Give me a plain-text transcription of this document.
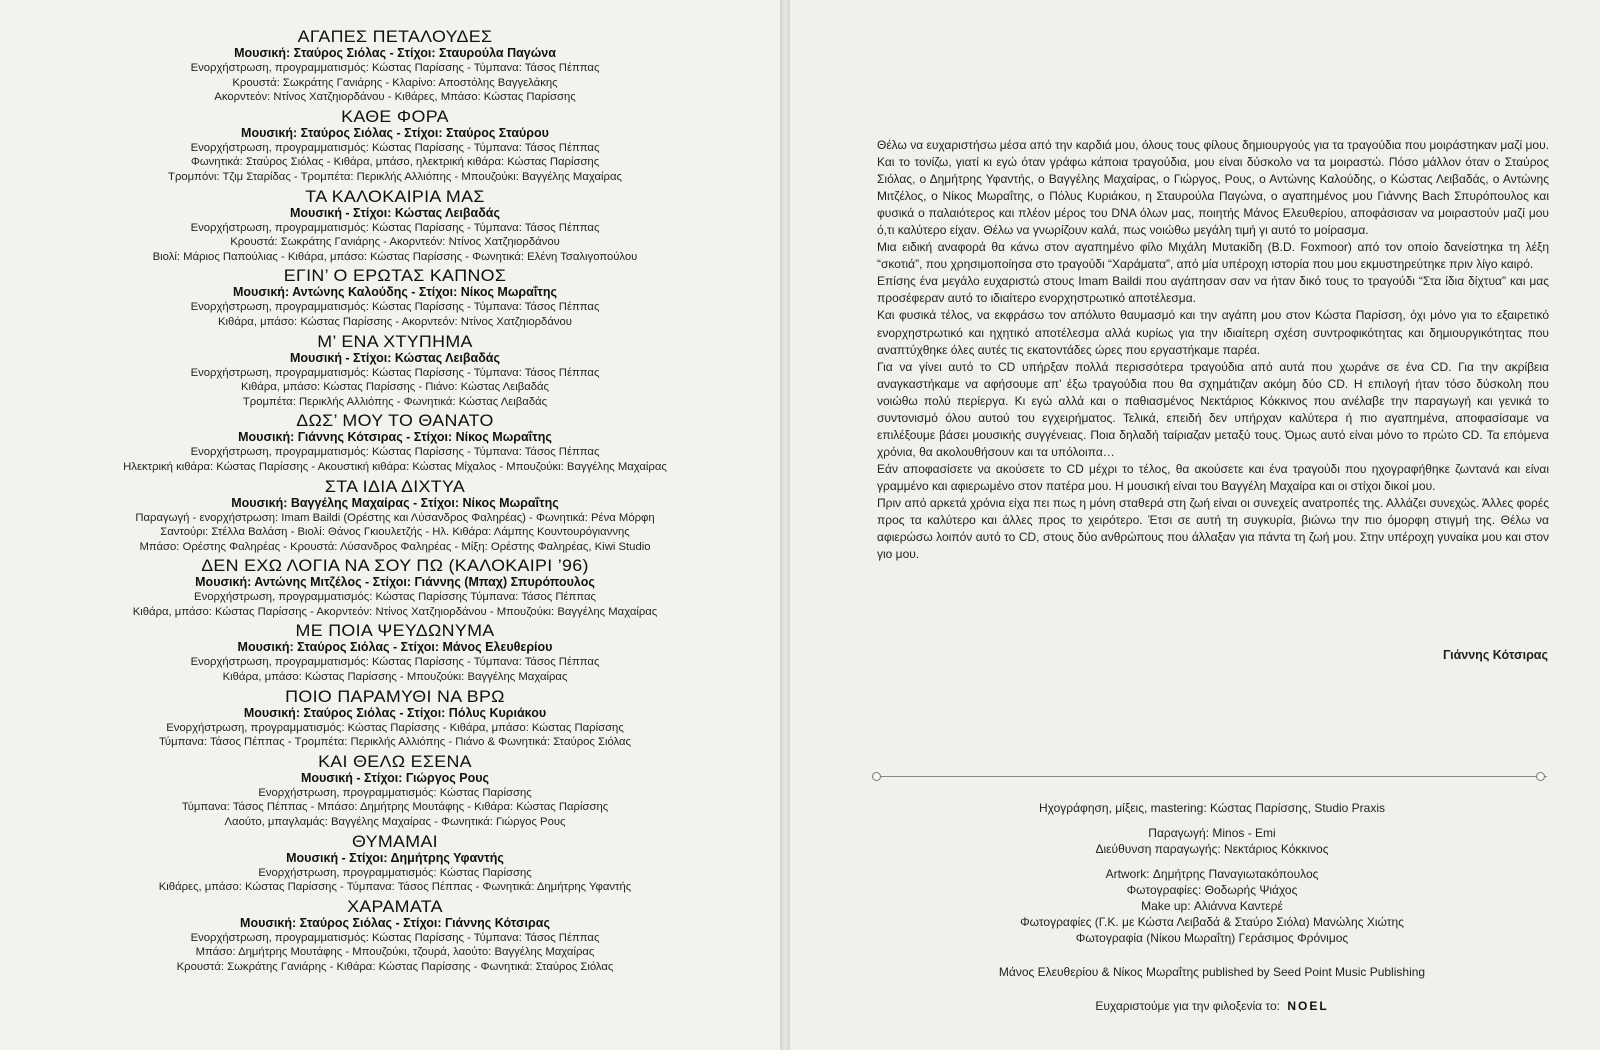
ΑΓΑΠΕΣ ΠΕΤΑΛΟΥΔΕΣ
Μουσική: Σταύρος Σιόλας - Στίχοι: Σταυρούλα Παγώνα
Ενορχήστρωση, προγραμματισμός: Κώστας Παρίσσης - Τύμπανα: Τάσος Πέππας
Κρουστά: Σωκράτης Γανιάρης - Κλαρίνο: Αποστόλης Βαγγελάκης
Ακορντεόν: Ντίνος Χατζηιορδάνου - Κιθάρες, Μπάσο: Κώστας Παρίσσης
ΚΑΘΕ ΦΟΡΑ
Μουσική: Σταύρος Σιόλας - Στίχοι: Σταύρος Σταύρου
Ενορχήστρωση, προγραμματισμός: Κώστας Παρίσσης - Τύμπανα: Τάσος Πέππας
Φωνητικά: Σταύρος Σιόλας - Κιθάρα, μπάσο, ηλεκτρική κιθάρα: Κώστας Παρίσσης
Τρομπόνι: Τζιμ Σταρίδας - Τρομπέτα: Περικλής Αλλιόπης - Μπουζούκι: Βαγγέλης Μαχαίρας
ΤΑ ΚΑΛΟΚΑΙΡΙΑ ΜΑΣ
Μουσική - Στίχοι: Κώστας Λειβαδάς
Ενορχήστρωση, προγραμματισμός: Κώστας Παρίσσης - Τύμπανα: Τάσος Πέππας
Κρουστά: Σωκράτης Γανιάρης - Ακορντεόν: Ντίνος Χατζηιορδάνου
Βιολί: Μάριος Παπούλιας - Κιθάρα, μπάσο: Κώστας Παρίσσης - Φωνητικά: Ελένη Τσαλιγοπούλου
ΕΓΙΝ’ Ο ΕΡΩΤΑΣ ΚΑΠΝΟΣ
Μουσική: Αντώνης Καλούδης - Στίχοι: Νίκος Μωραΐτης
Ενορχήστρωση, προγραμματισμός: Κώστας Παρίσσης - Τύμπανα: Τάσος Πέππας
Κιθάρα, μπάσο: Κώστας Παρίσσης - Ακορντεόν: Ντίνος Χατζηιορδάνου
Μ’ ΕΝΑ ΧΤΥΠΗΜΑ
Μουσική - Στίχοι: Κώστας Λειβαδάς
Ενορχήστρωση, προγραμματισμός: Κώστας Παρίσσης - Τύμπανα: Τάσος Πέππας
Κιθάρα, μπάσο: Κώστας Παρίσσης - Πιάνο: Κώστας Λειβαδάς
Τρομπέτα: Περικλής Αλλιόπης - Φωνητικά: Κώστας Λειβαδάς
ΔΩΣ’ ΜΟΥ ΤΟ ΘΑΝΑΤΟ
Μουσική: Γιάννης Κότσιρας - Στίχοι: Νίκος Μωραΐτης
Ενορχήστρωση, προγραμματισμός: Κώστας Παρίσσης - Τύμπανα: Τάσος Πέππας
Ηλεκτρική κιθάρα: Κώστας Παρίσσης - Ακουστική κιθάρα: Κώστας Μίχαλος - Μπουζούκι: Βαγγέλης Μαχαίρας
ΣΤΑ ΙΔΙΑ ΔΙΧΤΥΑ
Μουσική: Βαγγέλης Μαχαίρας - Στίχοι: Νίκος Μωραΐτης
Παραγωγή - ενορχήστρωση: Imam Baildi (Ορέστης και Λύσανδρος Φαληρέας) - Φωνητικά: Ρένα Μόρφη
Σαντούρι: Στέλλα Βαλάση - Βιολί: Θάνος Γκιουλετζής - Ηλ. Κιθάρα: Λάμπης Κουντουρόγιαννης
Μπάσο: Ορέστης Φαληρέας - Κρουστά: Λύσανδρος Φαληρέας - Μίξη: Ορέστης Φαληρέας, Kiwi Studio
ΔΕΝ ΕΧΩ ΛΟΓΙΑ ΝΑ ΣΟΥ ΠΩ (ΚΑΛΟΚΑΙΡΙ ’96)
Μουσική: Αντώνης Μιτζέλος - Στίχοι: Γιάννης (Μπαχ) Σπυρόπουλος
Ενορχήστρωση, προγραμματισμός: Κώστας Παρίσσης Τύμπανα: Τάσος Πέππας
Κιθάρα, μπάσο: Κώστας Παρίσσης - Ακορντεόν: Ντίνος Χατζηιορδάνου - Μπουζούκι: Βαγγέλης Μαχαίρας
ΜΕ ΠΟΙΑ ΨΕΥΔΩΝΥΜΑ
Μουσική: Σταύρος Σιόλας - Στίχοι: Μάνος Ελευθερίου
Ενορχήστρωση, προγραμματισμός: Κώστας Παρίσσης - Τύμπανα: Τάσος Πέππας
Κιθάρα, μπάσο: Κώστας Παρίσσης - Μπουζούκι: Βαγγέλης Μαχαίρας
ΠΟΙΟ ΠΑΡΑΜΥΘΙ ΝΑ ΒΡΩ
Μουσική: Σταύρος Σιόλας - Στίχοι: Πόλυς Κυριάκου
Ενορχήστρωση, προγραμματισμός: Κώστας Παρίσσης - Κιθάρα, μπάσο: Κώστας Παρίσσης
Τύμπανα: Τάσος Πέππας - Τρομπέτα: Περικλής Αλλιόπης - Πιάνο & Φωνητικά: Σταύρος Σιόλας
ΚΑΙ ΘΕΛΩ ΕΣΕΝΑ
Μουσική - Στίχοι: Γιώργος Ρους
Ενορχήστρωση, προγραμματισμός: Κώστας Παρίσσης
Τύμπανα: Τάσος Πέππας - Μπάσο: Δημήτρης Μουτάφης - Κιθάρα: Κώστας Παρίσσης
Λαούτο, μπαγλαμάς: Βαγγέλης Μαχαίρας - Φωνητικά: Γιώργος Ρους
ΘΥΜΑΜΑΙ
Μουσική - Στίχοι: Δημήτρης Υφαντής
Ενορχήστρωση, προγραμματισμός: Κώστας Παρίσσης
Κιθάρες, μπάσο: Κώστας Παρίσσης - Τύμπανα: Τάσος Πέππας - Φωνητικά: Δημήτρης Υφαντής
ΧΑΡΑΜΑΤΑ
Μουσική: Σταύρος Σιόλας - Στίχοι: Γιάννης Κότσιρας
Ενορχήστρωση, προγραμματισμός: Κώστας Παρίσσης - Τύμπανα: Τάσος Πέππας
Μπάσο: Δημήτρης Μουτάφης - Μπουζούκι, τζουρά, λαούτο: Βαγγέλης Μαχαίρας
Κρουστά: Σωκράτης Γανιάρης - Κιθάρα: Κώστας Παρίσσης - Φωνητικά: Σταύρος Σιόλας

Θέλω να ευχαριστήσω μέσα από την καρδιά μου, όλους τους φίλους δημιουργούς για τα τραγούδια που μοιράστηκαν μαζί μου. Και το τονίζω, γιατί κι εγώ όταν γράφω κάποια τραγούδια, μου είναι δύσκολο να τα μοιραστώ. Πόσο μάλλον όταν ο Σταύρος Σιόλας, ο Δημήτρης Υφαντής, ο Βαγγέλης Μαχαίρας, ο Γιώργος, Ρους, ο Αντώνης Καλούδης, ο Κώστας Λειβαδάς, ο Αντώνης Μιτζέλος, ο Νίκος Μωραΐτης, ο Πόλυς Κυριάκου, η Σταυρούλα Παγώνα, ο αγαπημένος μου Γιάννης Bach Σπυρόπουλος και φυσικά ο παλαιότερος και πλέον μέρος του DNA όλων μας, ποιητής Μάνος Ελευθερίου, αποφάσισαν να μοιραστούν μαζί μου ό,τι καλύτερο είχαν. Θέλω να γνωρίζουν καλά, πως νοιώθω μεγάλη τιμή γι αυτό το μοίρασμα.

Μια ειδική αναφορά θα κάνω στον αγαπημένο φίλο Μιχάλη Μυτακίδη (B.D. Foxmoor) από τον οποίο δανείστηκα τη λέξη “σκοτιά”, που χρησιμοποίησα στο τραγούδι “Χαράματα”, από μία υπέροχη ιστορία που μου εκμυστηρεύτηκε πριν λίγο καιρό.

Επίσης ένα μεγάλο ευχαριστώ στους Imam Baildi που αγάπησαν σαν να ήταν δικό τους το τραγούδι “Στα ίδια δίχτυα” και μας προσέφεραν αυτό το ιδιαίτερο ενορχηστρωτικό αποτέλεσμα.

Και φυσικά τέλος, να εκφράσω τον απόλυτο θαυμασμό και την αγάπη μου στον Κώστα Παρίσση, όχι μόνο για το εξαιρετικό ενορχηστρωτικό και ηχητικό αποτέλεσμα αλλά κυρίως για την ιδιαίτερη σχέση συντροφικότητας και δημιουργικότητας που αναπτύχθηκε όλες αυτές τις εκατοντάδες ώρες που εργαστήκαμε παρέα.

Για να γίνει αυτό το CD υπήρξαν πολλά περισσότερα τραγούδια από αυτά που χωράνε σε ένα CD. Για την ακρίβεια αναγκαστήκαμε να αφήσουμε απ’ έξω τραγούδια που θα σχημάτιζαν ακόμη δύο CD. Η επιλογή ήταν τόσο δύσκολη που νοιώθω πολύ περίεργα. Κι εγώ αλλά και ο παθιασμένος Νεκτάριος Κόκκινος που ανέλαβε την παραγωγή και γενικά το συντονισμό όλου αυτού του εγχειρήματος. Τελικά, επειδή δεν υπήρχαν καλύτερα ή πιο αγαπημένα, αποφασίσαμε να επιλέξουμε βάσει μουσικής συγγένειας. Ποια δηλαδή ταίριαζαν μεταξύ τους. Όμως αυτό είναι μόνο το πρώτο CD. Τα επόμενα χρόνια, θα ακολουθήσουν και τα υπόλοιπα…

Εάν αποφασίσετε να ακούσετε το CD μέχρι το τέλος, θα ακούσετε και ένα τραγούδι που ηχογραφήθηκε ζωντανά και είναι γραμμένο και αφιερωμένο στον πατέρα μου. Η μουσική είναι του Βαγγέλη Μαχαίρα και οι στίχοι δικοί μου.

Πριν από αρκετά χρόνια είχα πει πως η μόνη σταθερά στη ζωή είναι οι συνεχείς ανατροπές της. Αλλάζει συνεχώς. Άλλες φορές προς τα καλύτερο και άλλες προς το χειρότερο. Έτσι σε αυτή τη συγκυρία, βιώνω την πιο όμορφη στιγμή της. Θέλω να αφιερώσω λοιπόν αυτό το CD, στους δύο ανθρώπους που άλλαξαν για πάντα τη ζωή μου. Στην υπέροχη γυναίκα μου και στον γιο μου.

Γιάννης Κότσιρας
Ηχογράφηση, μίξεις, mastering: Κώστας Παρίσσης, Studio Praxis
Παραγωγή: Minos - Emi
Διεύθυνση παραγωγής: Νεκτάριος Κόκκινος
Artwork: Δημήτρης Παναγιωτακόπουλος
Φωτογραφίες: Θοδωρής Ψιάχος
Make up: Αλιάννα Καντερέ
Φωτογραφίες (Γ.Κ. με Κώστα Λειβαδά & Σταύρο Σιόλα) Μανώλης Χιώτης
Φωτογραφία (Νίκου Μωραΐτη) Γεράσιμος Φρόνιμος
Μάνος Ελευθερίου & Νίκος Μωραΐτης published by Seed Point Music Publishing
Ευχαριστούμε για την φιλοξενία το: NOEL
